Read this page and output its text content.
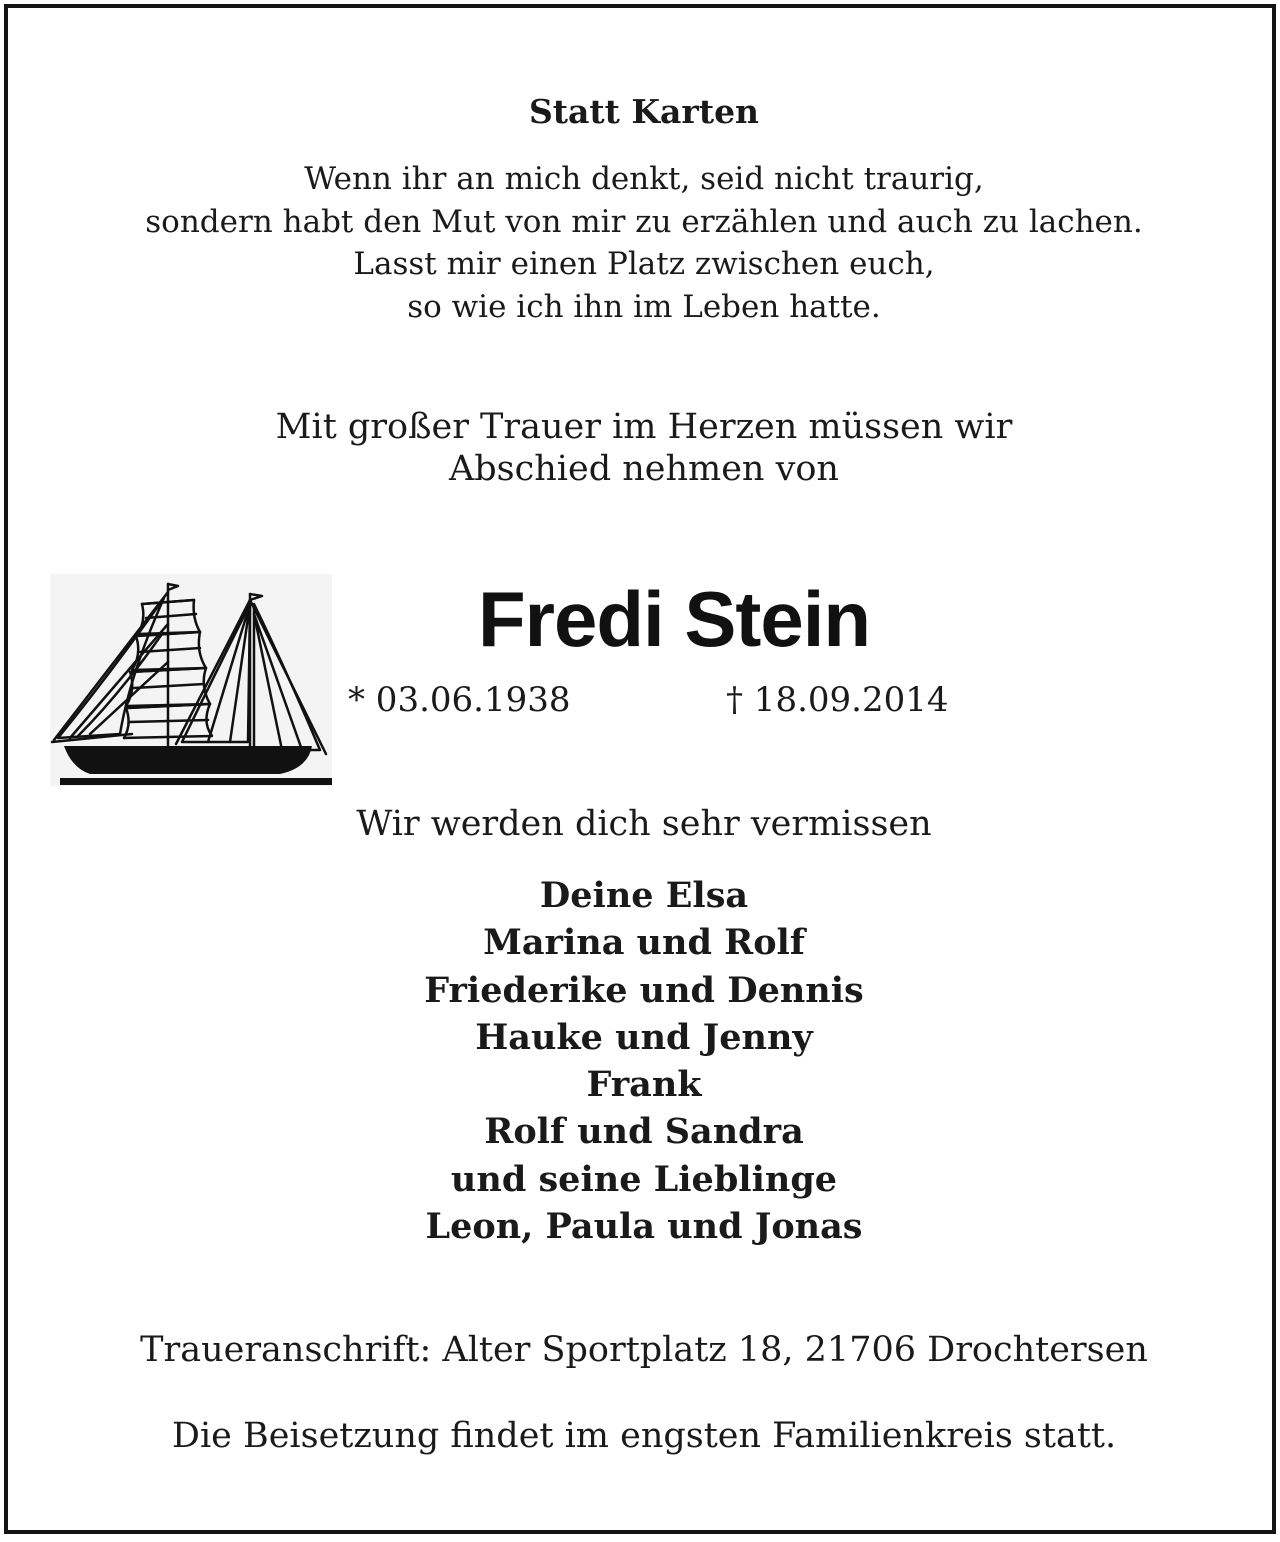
Statt Karten
Wenn ihr an mich denkt, seid nicht traurig,
sondern habt den Mut von mir zu erzählen und auch zu lachen.
Lasst mir einen Platz zwischen euch,
so wie ich ihn im Leben hatte.
Mit großer Trauer im Herzen müssen wir
Abschied nehmen von
Fredi Stein
* 03.06.1938	† 18.09.2014
Wir werden dich sehr vermissen
Deine Elsa
Marina und Rolf
Friederike und Dennis
Hauke und Jenny
Frank
Rolf und Sandra
und seine Lieblinge
Leon, Paula und Jonas
Traueranschrift: Alter Sportplatz 18, 21706 Drochtersen
Die Beisetzung findet im engsten Familienkreis statt.
